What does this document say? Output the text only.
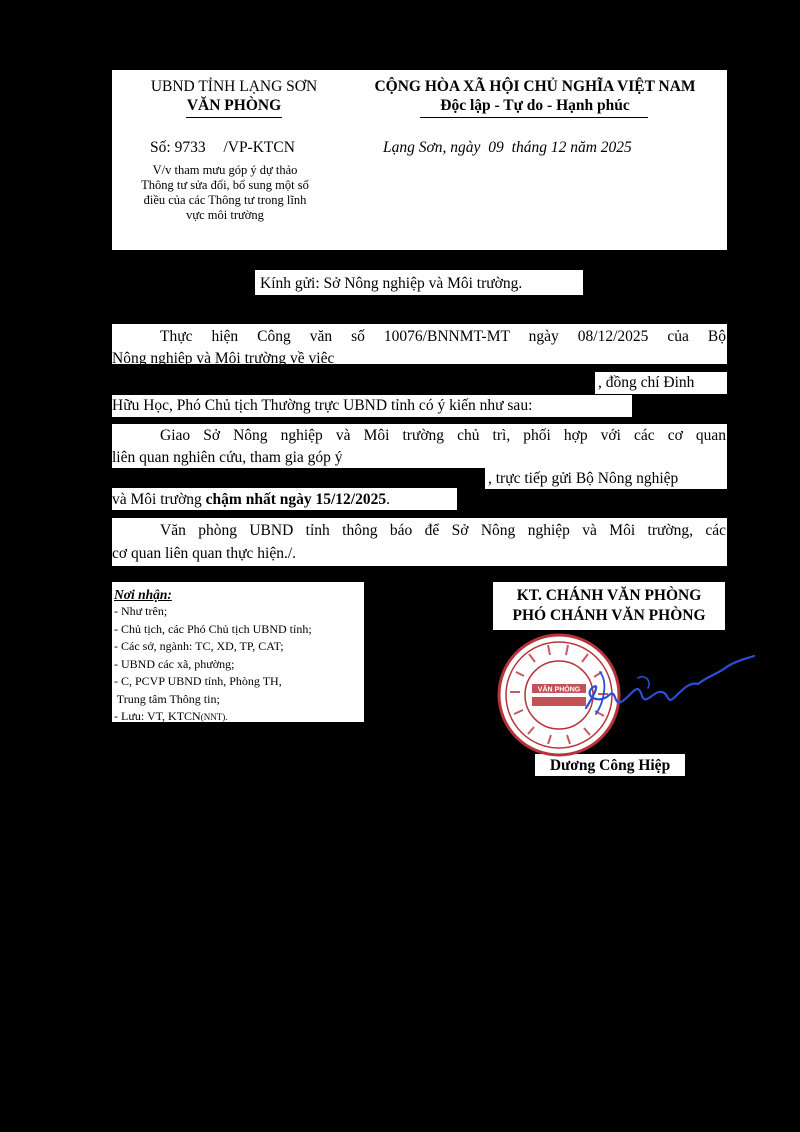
UBND TỈNH LẠNG SƠN
VĂN PHÒNG
Số: 9733 /VP-KTCN
V/v tham mưu góp ý dự thảo
Thông tư sửa đổi, bổ sung một số
điều của các Thông tư trong lĩnh
vực môi trường
CỘNG HÒA XÃ HỘI CHỦ NGHĨA VIỆT NAM
Độc lập - Tự do - Hạnh phúc
Lạng Sơn, ngày 09 tháng 12 năm 2025
Kính gửi: Sở Nông nghiệp và Môi trường.
Thực hiện Công văn số 10076/BNNMT-MT ngày 08/12/2025 của Bộ
Nông nghiệp và Môi trường về việc
, đồng chí Đinh
Hữu Học, Phó Chủ tịch Thường trực UBND tỉnh có ý kiến như sau:
Giao Sở Nông nghiệp và Môi trường chủ trì, phối hợp với các cơ quan
liên quan nghiên cứu, tham gia góp ý
, trực tiếp gửi Bộ Nông nghiệp
và Môi trường chậm nhất ngày 15/12/2025.
Văn phòng UBND tỉnh thông báo để Sở Nông nghiệp và Môi trường, các
cơ quan liên quan thực hiện./.
Nơi nhận:
- Như trên;
- Chủ tịch, các Phó Chủ tịch UBND tỉnh;
- Các sở, ngành: TC, XD, TP, CAT;
- UBND các xã, phường;
- C, PCVP UBND tỉnh, Phòng TH,
Trung tâm Thông tin;
- Lưu: VT, KTCN(NNT).
KT. CHÁNH VĂN PHÒNG
PHÓ CHÁNH VĂN PHÒNG
VĂN PHÒNG
Dương Công Hiệp
